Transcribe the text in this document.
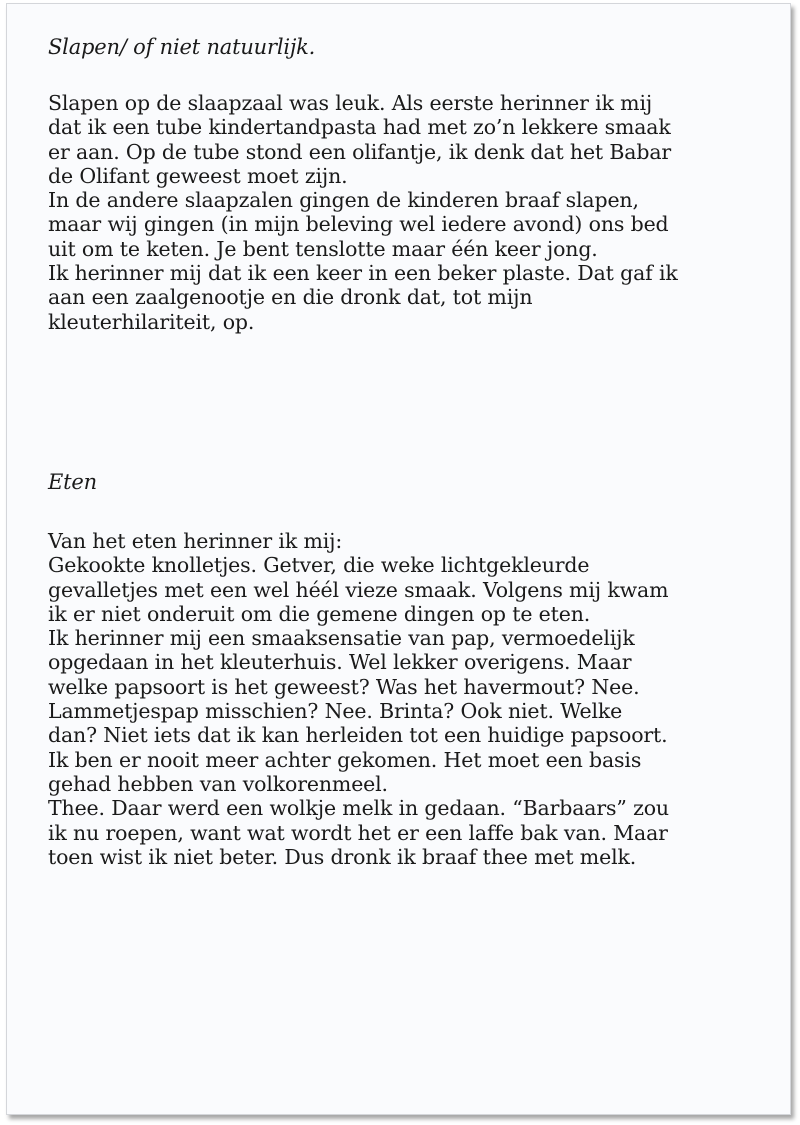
Slapen/ of niet natuurlijk.
Slapen op de slaapzaal was leuk. Als eerste herinner ik mij
dat ik een tube kindertandpasta had met zo’n lekkere smaak
er aan. Op de tube stond een olifantje, ik denk dat het Babar
de Olifant geweest moet zijn.
In de andere slaapzalen gingen de kinderen braaf slapen,
maar wij gingen (in mijn beleving wel iedere avond) ons bed
uit om te keten. Je bent tenslotte maar één keer jong.
Ik herinner mij dat ik een keer in een beker plaste. Dat gaf ik
aan een zaalgenootje en die dronk dat, tot mijn
kleuterhilariteit, op.
Eten
Van het eten herinner ik mij:
Gekookte knolletjes. Getver, die weke lichtgekleurde
gevalletjes met een wel héél vieze smaak. Volgens mij kwam
ik er niet onderuit om die gemene dingen op te eten.
Ik herinner mij een smaaksensatie van pap, vermoedelijk
opgedaan in het kleuterhuis. Wel lekker overigens. Maar
welke papsoort is het geweest? Was het havermout? Nee.
Lammetjespap misschien? Nee. Brinta? Ook niet. Welke
dan? Niet iets dat ik kan herleiden tot een huidige papsoort.
Ik ben er nooit meer achter gekomen. Het moet een basis
gehad hebben van volkorenmeel.
Thee. Daar werd een wolkje melk in gedaan. “Barbaars” zou
ik nu roepen, want wat wordt het er een laffe bak van. Maar
toen wist ik niet beter. Dus dronk ik braaf thee met melk.
